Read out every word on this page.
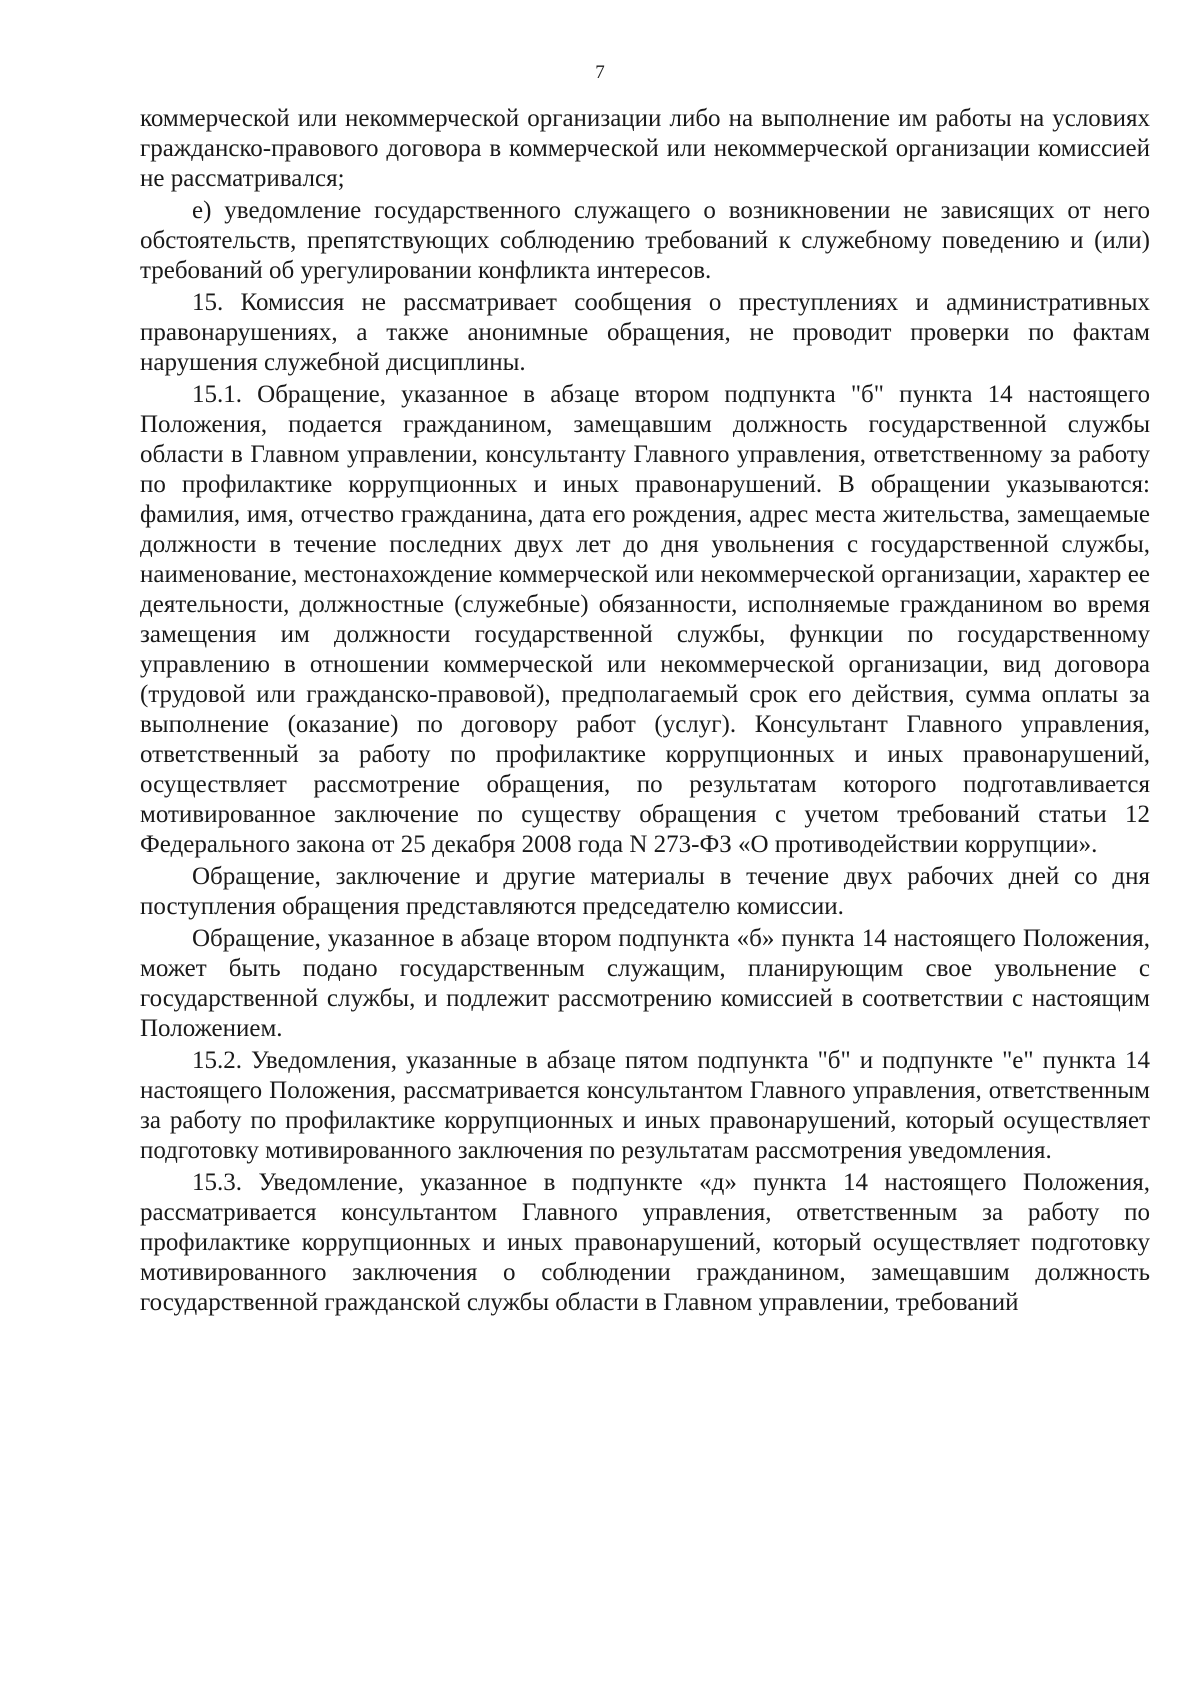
7

коммерческой или некоммерческой организации либо на выполнение им работы на условиях гражданско-правового договора в коммерческой или некоммерческой организации комиссией не рассматривался;

е) уведомление государственного служащего о возникновении не зависящих от него обстоятельств, препятствующих соблюдению требований к служебному поведению и (или) требований об урегулировании конфликта интересов.

15. Комиссия не рассматривает сообщения о преступлениях и административных правонарушениях, а также анонимные обращения, не проводит проверки по фактам нарушения служебной дисциплины.

15.1. Обращение, указанное в абзаце втором подпункта "б" пункта 14 настоящего Положения, подается гражданином, замещавшим должность государственной службы области в Главном управлении, консультанту Главного управления, ответственному за работу по профилактике коррупционных и иных правонарушений. В обращении указываются: фамилия, имя, отчество гражданина, дата его рождения, адрес места жительства, замещаемые должности в течение последних двух лет до дня увольнения с государственной службы, наименование, местонахождение коммерческой или некоммерческой организации, характер ее деятельности, должностные (служебные) обязанности, исполняемые гражданином во время замещения им должности государственной службы, функции по государственному управлению в отношении коммерческой или некоммерческой организации, вид договора (трудовой или гражданско-правовой), предполагаемый срок его действия, сумма оплаты за выполнение (оказание) по договору работ (услуг). Консультант Главного управления, ответственный за работу по профилактике коррупционных и иных правонарушений, осуществляет рассмотрение обращения, по результатам которого подготавливается мотивированное заключение по существу обращения с учетом требований статьи 12 Федерального закона от 25 декабря 2008 года N 273-ФЗ «О противодействии коррупции».

Обращение, заключение и другие материалы в течение двух рабочих дней со дня поступления обращения представляются председателю комиссии.

Обращение, указанное в абзаце втором подпункта «б» пункта 14 настоящего Положения, может быть подано государственным служащим, планирующим свое увольнение с государственной службы, и подлежит рассмотрению комиссией в соответствии с настоящим Положением.

15.2. Уведомления, указанные в абзаце пятом подпункта "б" и подпункте "е" пункта 14 настоящего Положения, рассматривается консультантом Главного управления, ответственным за работу по профилактике коррупционных и иных правонарушений, который осуществляет подготовку мотивированного заключения по результатам рассмотрения уведомления.

15.3. Уведомление, указанное в подпункте «д» пункта 14 настоящего Положения, рассматривается консультантом Главного управления, ответственным за работу по профилактике коррупционных и иных правонарушений, который осуществляет подготовку мотивированного заключения о соблюдении гражданином, замещавшим должность государственной гражданской службы области в Главном управлении, требований
